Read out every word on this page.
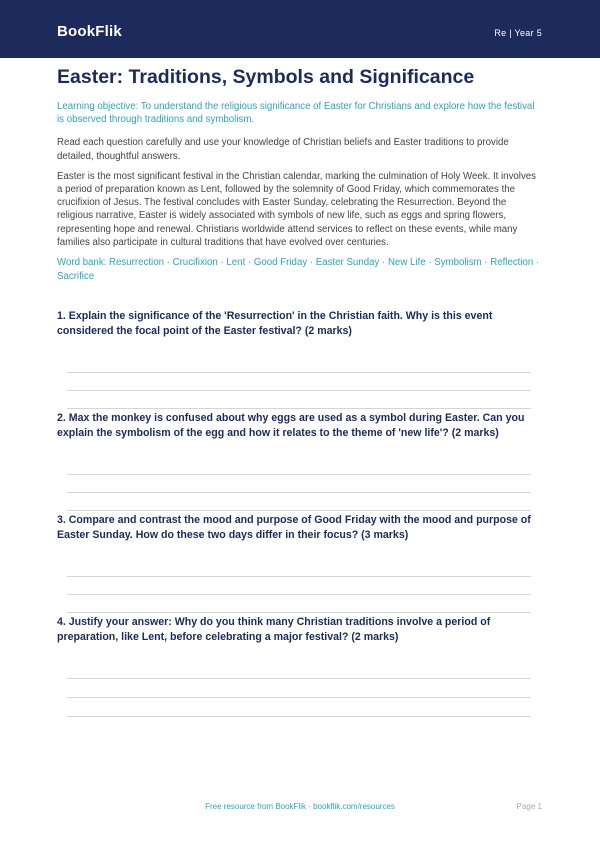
BookFlik	Re | Year 5
Easter: Traditions, Symbols and Significance

Learning objective: To understand the religious significance of Easter for Christians and explore how the festival is observed through traditions and symbolism.

Read each question carefully and use your knowledge of Christian beliefs and Easter traditions to provide detailed, thoughtful answers.

Easter is the most significant festival in the Christian calendar, marking the culmination of Holy Week. It involves a period of preparation known as Lent, followed by the solemnity of Good Friday, which commemorates the crucifixion of Jesus. The festival concludes with Easter Sunday, celebrating the Resurrection. Beyond the religious narrative, Easter is widely associated with symbols of new life, such as eggs and spring flowers, representing hope and renewal. Christians worldwide attend services to reflect on these events, while many families also participate in cultural traditions that have evolved over centuries.

Word bank: Resurrection · Crucifixion · Lent · Good Friday · Easter Sunday · New Life · Symbolism · Reflection · Sacrifice

1. Explain the significance of the 'Resurrection' in the Christian faith. Why is this event considered the focal point of the Easter festival? (2 marks)

2. Max the monkey is confused about why eggs are used as a symbol during Easter. Can you explain the symbolism of the egg and how it relates to the theme of 'new life'? (2 marks)

3. Compare and contrast the mood and purpose of Good Friday with the mood and purpose of Easter Sunday. How do these two days differ in their focus? (3 marks)

4. Justify your answer: Why do you think many Christian traditions involve a period of preparation, like Lent, before celebrating a major festival? (2 marks)

Free resource from BookFlik · bookflik.com/resources	Page 1
